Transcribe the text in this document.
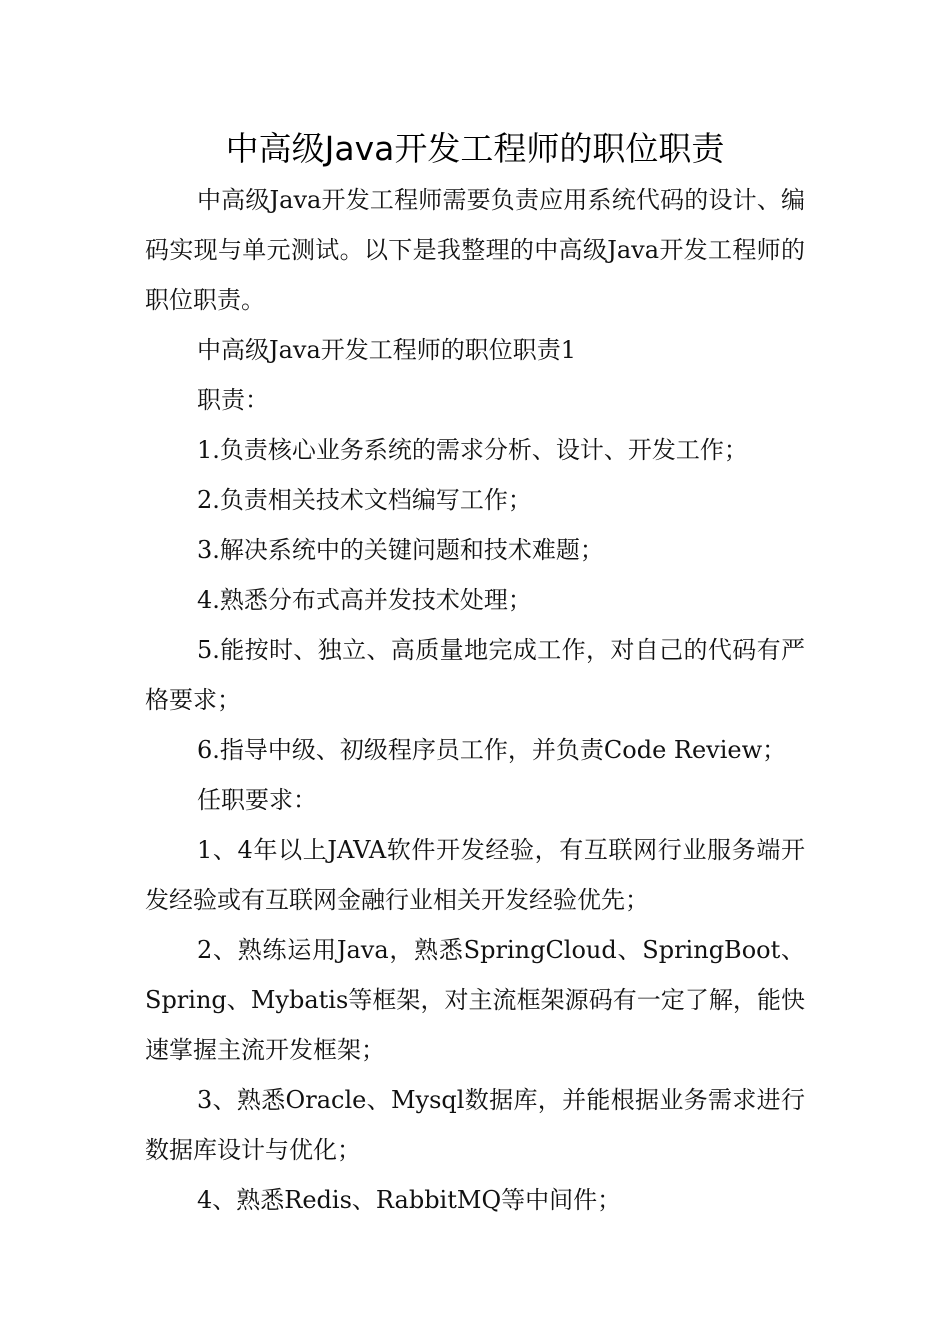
中高级Java开发工程师的职位职责

中高级Java开发工程师需要负责应用系统代码的设计、编码实现与单元测试。以下是我整理的中高级Java开发工程师的职位职责。

中高级Java开发工程师的职位职责1

职责：

1.负责核心业务系统的需求分析、设计、开发工作；

2.负责相关技术文档编写工作；

3.解决系统中的关键问题和技术难题；

4.熟悉分布式高并发技术处理；

5.能按时、独立、高质量地完成工作，对自己的代码有严格要求；

6.指导中级、初级程序员工作，并负责Code Review；

任职要求：

1、4年以上JAVA软件开发经验，有互联网行业服务端开发经验或有互联网金融行业相关开发经验优先；

2、熟练运用Java，熟悉SpringCloud、SpringBoot、Spring、Mybatis等框架，对主流框架源码有一定了解，能快速掌握主流开发框架；

3、熟悉Oracle、Mysql数据库，并能根据业务需求进行数据库设计与优化；

4、熟悉Redis、RabbitMQ等中间件；
